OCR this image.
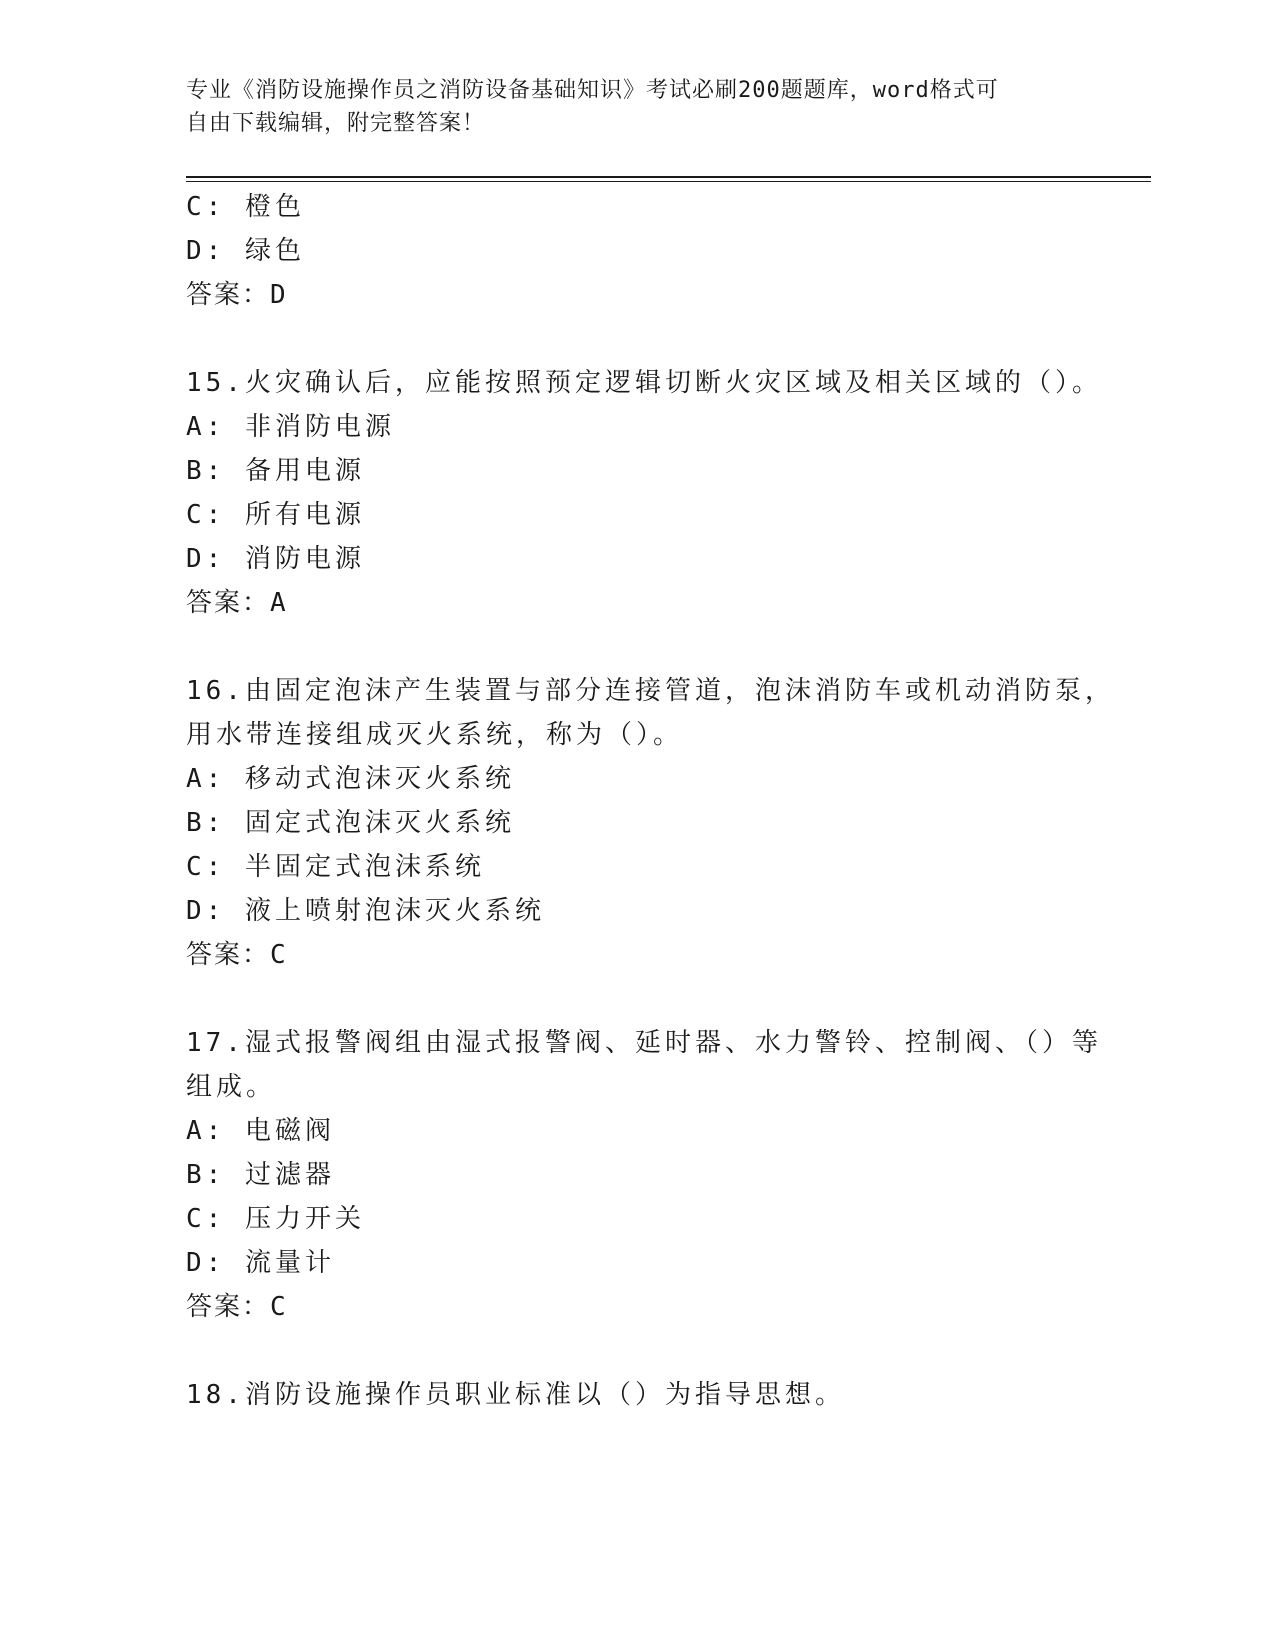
专业《消防设施操作员之消防设备基础知识》考试必刷200题题库，word格式可
自由下载编辑，附完整答案！
C: 橙色
D: 绿色
答案：D
15.火灾确认后，应能按照预定逻辑切断火灾区域及相关区域的（）。
A: 非消防电源
B: 备用电源
C: 所有电源
D: 消防电源
答案：A
16.由固定泡沫产生装置与部分连接管道，泡沫消防车或机动消防泵，
用水带连接组成灭火系统，称为（）。
A: 移动式泡沫灭火系统
B: 固定式泡沫灭火系统
C: 半固定式泡沫系统
D: 液上喷射泡沫灭火系统
答案：C
17.湿式报警阀组由湿式报警阀、延时器、水力警铃、控制阀、（）等
组成。
A: 电磁阀
B: 过滤器
C: 压力开关
D: 流量计
答案：C
18.消防设施操作员职业标准以（）为指导思想。
